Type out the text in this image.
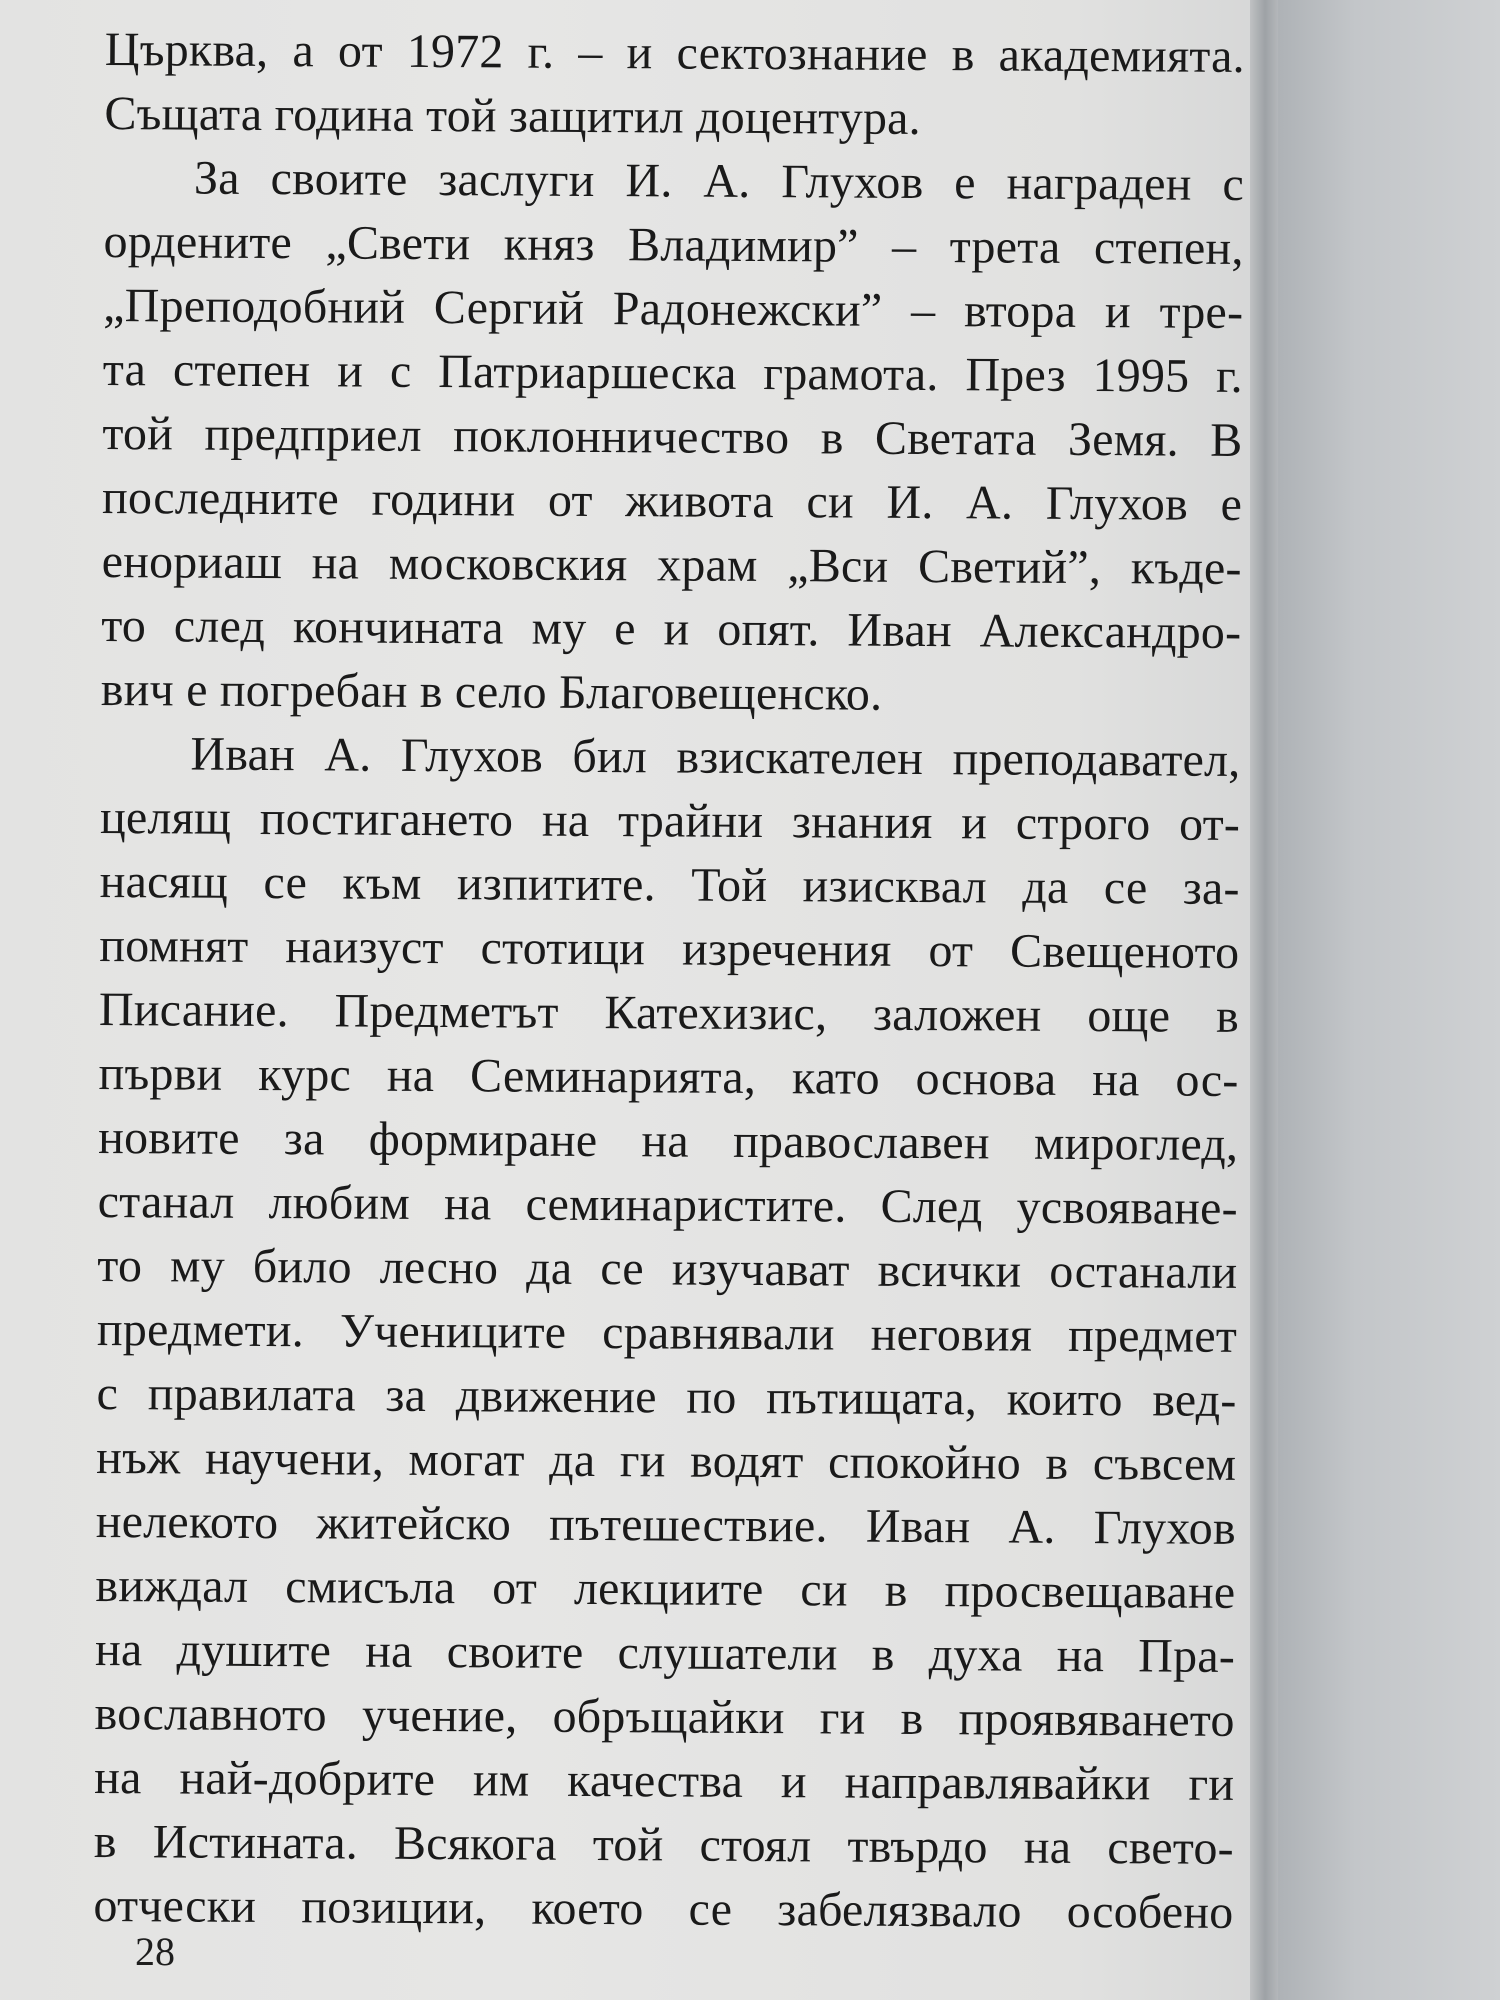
Църква, а от 1972 г. – и сектознание в академията.
Същата година той защитил доцентура.
За своите заслуги И. А. Глухов е награден с
ордените „Свети княз Владимир” – трета степен,
„Преподобний Сергий Радонежски” – втора и тре-
та степен и с Патриаршеска грамота. През 1995 г.
той предприел поклонничество в Светата Земя. В
последните години от живота си И. А. Глухов е
енориаш на московския храм „Вси Светий”, къде-
то след кончината му е и опят. Иван Александро-
вич е погребан в село Благовещенско.
Иван А. Глухов бил взискателен преподавател,
целящ постигането на трайни знания и строго от-
насящ се към изпитите. Той изисквал да се за-
помнят наизуст стотици изречения от Свещеното
Писание. Предметът Катехизис, заложен още в
първи курс на Семинарията, като основа на ос-
новите за формиране на православен мироглед,
станал любим на семинаристите. След усвояване-
то му било лесно да се изучават всички останали
предмети. Учениците сравнявали неговия предмет
с правилата за движение по пътищата, които вед-
нъж научени, могат да ги водят спокойно в съвсем
нелекото житейско пътешествие. Иван А. Глухов
виждал смисъла от лекциите си в просвещаване
на душите на своите слушатели в духа на Пра-
вославното учение, обръщайки ги в проявяването
на най-добрите им качества и направлявайки ги
в Истината. Всякога той стоял твърдо на свето-
отчески позиции, което се забелязвало особено
28
